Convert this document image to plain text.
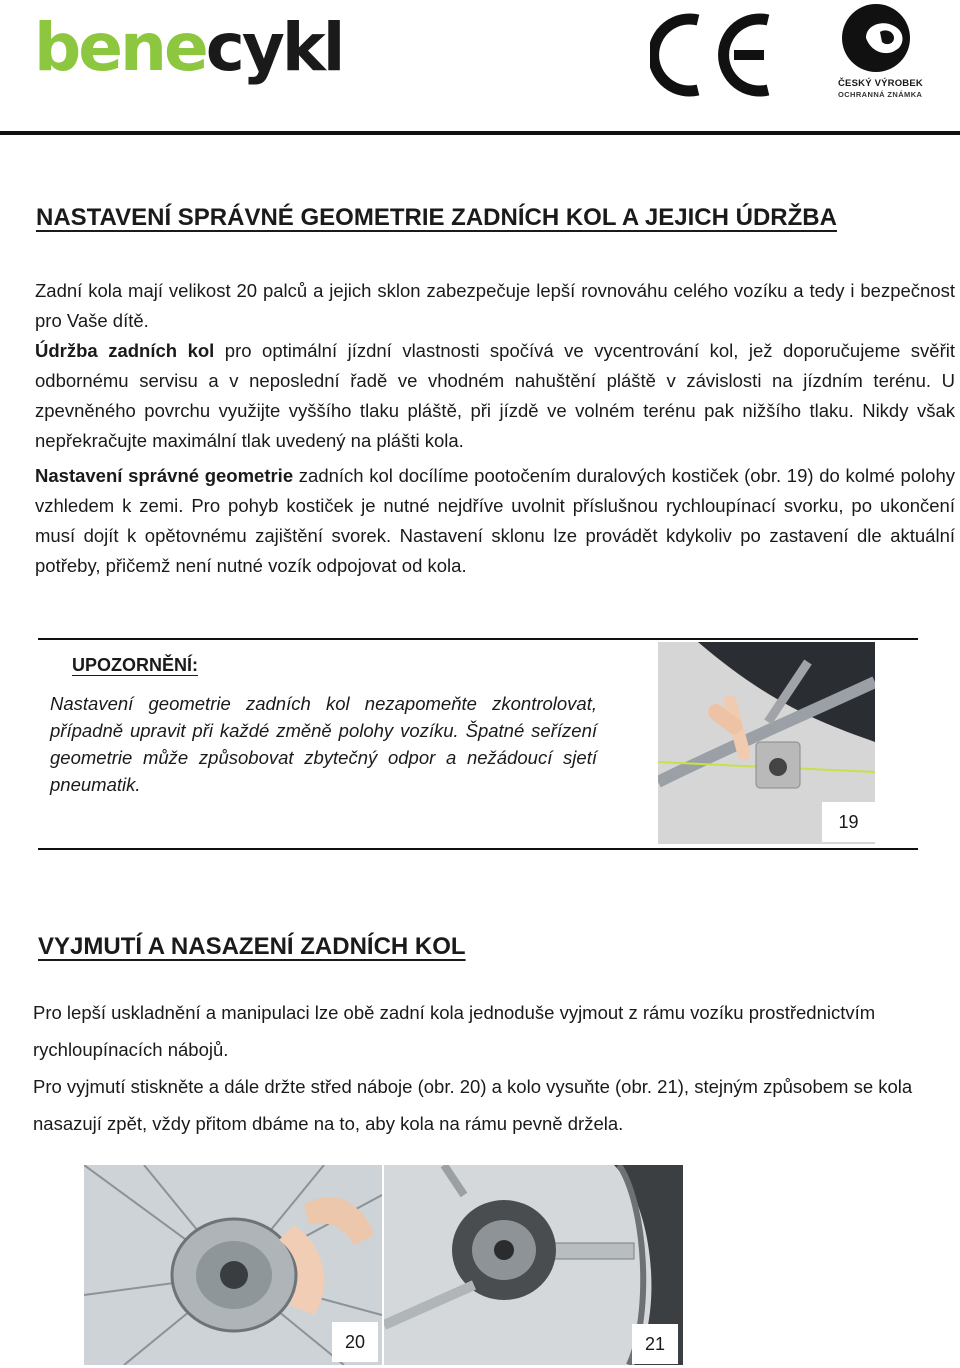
benecykl	ČESKÝ VÝROBEK
OCHRANNÁ ZNÁMKA
NASTAVENÍ SPRÁVNÉ GEOMETRIE ZADNÍCH KOL A JEJICH ÚDRŽBA

Zadní kola mají velikost 20 palců a jejich sklon zabezpečuje lepší rovnováhu celého vozíku a tedy i bezpečnost pro Vaše dítě.

Údržba zadních kol pro optimální jízdní vlastnosti spočívá ve vycentrování kol, jež doporučujeme svěřit odbornému servisu a v neposlední řadě ve vhodném nahuštění pláště v závislosti na jízdním terénu. U zpevněného povrchu využijte vyššího tlaku pláště, při jízdě ve volném terénu pak nižšího tlaku. Nikdy však nepřekračujte maximální tlak uvedený na plášti kola.

Nastavení správné geometrie zadních kol docílíme pootočením duralových kostiček (obr. 19) do kolmé polohy vzhledem k zemi. Pro pohyb kostiček je nutné nejdříve uvolnit příslušnou rychloupínací svorku, po ukončení musí dojít k opětovnému zajištění svorek. Nastavení sklonu lze provádět kdykoliv po zastavení dle aktuální potřeby, přičemž není nutné vozík odpojovat od kola.

UPOZORNĚNÍ:
Nastavení geometrie zadních kol nezapomeňte zkontrolovat, případně upravit při každé změně polohy vozíku. Špatné seřízení geometrie může způsobovat zbytečný odpor a nežádoucí sjetí pneumatik.
19
VYJMUTÍ A NASAZENÍ ZADNÍCH KOL

Pro lepší uskladnění a manipulaci lze obě zadní kola jednoduše vyjmout z rámu vozíku prostřednictvím rychloupínacích nábojů.

Pro vyjmutí stiskněte a dále držte střed náboje (obr. 20) a kolo vysuňte (obr. 21), stejným způsobem se kola nasazují zpět, vždy přitom dbáme na to, aby kola na rámu pevně držela.

20	21
